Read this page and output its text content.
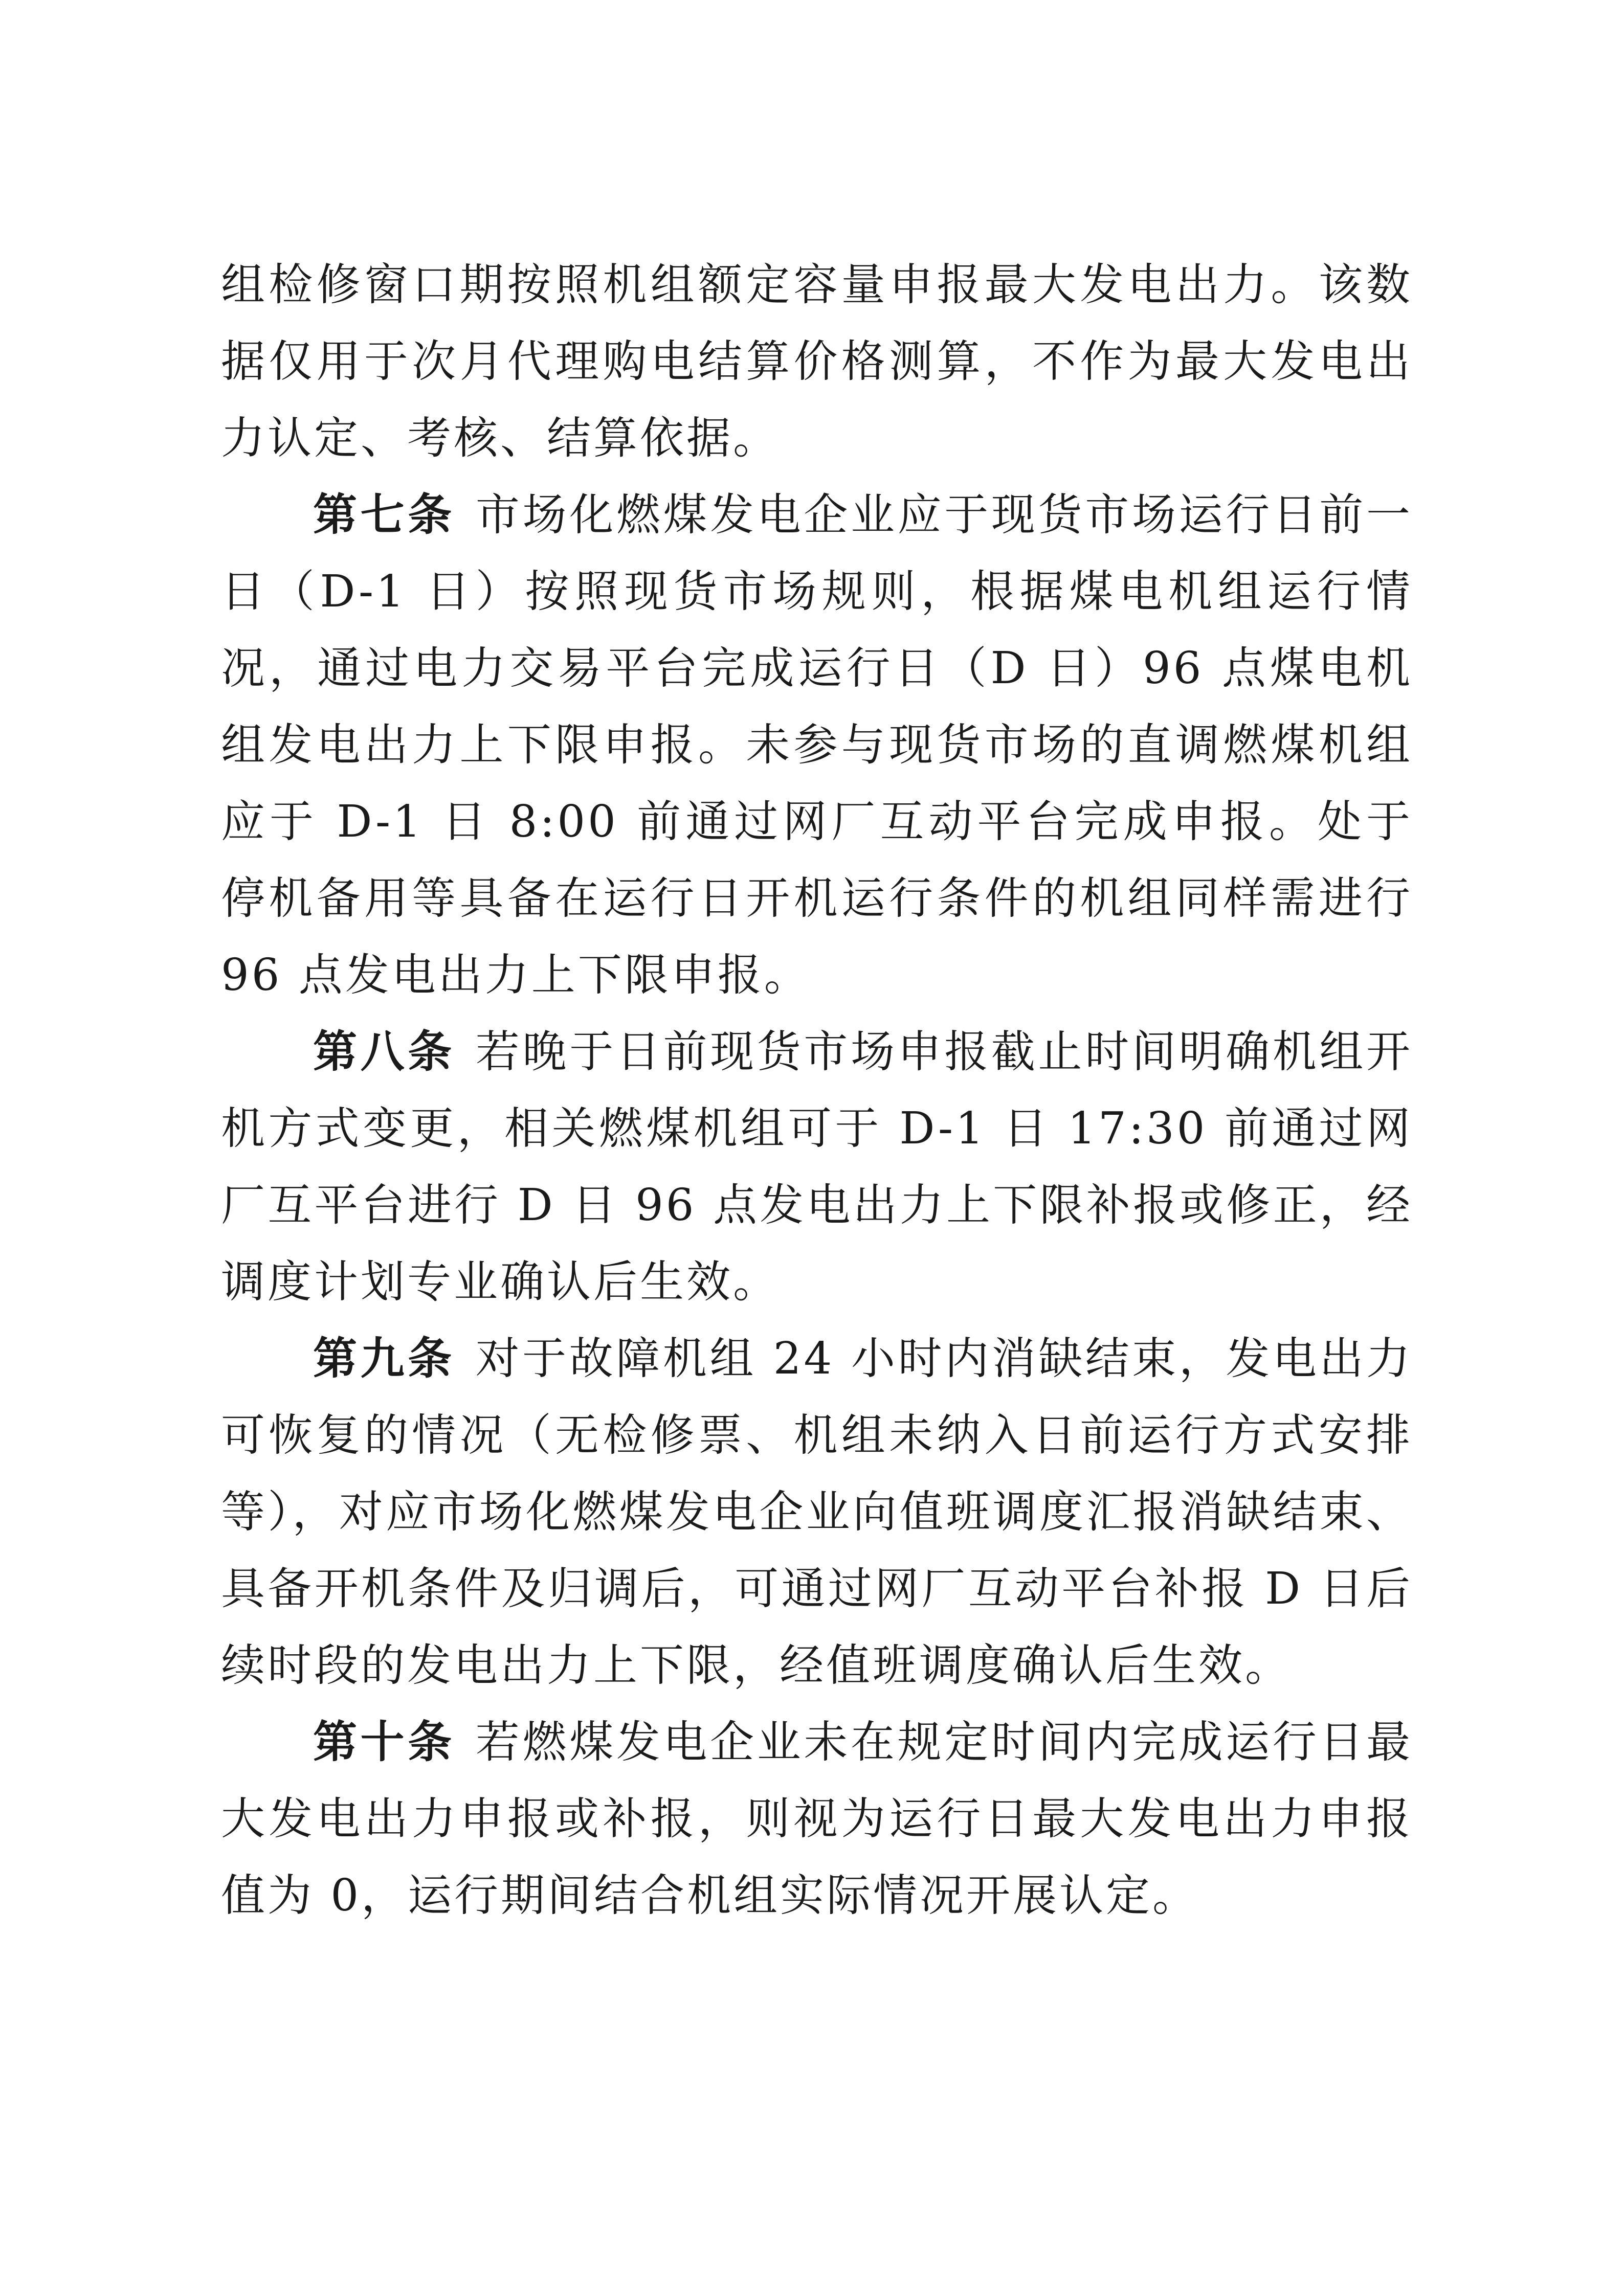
组检修窗口期按照机组额定容量申报最大发电出力。该数据仅用于次月代理购电结算价格测算，不作为最大发电出力认定、考核、结算依据。

第七条 市场化燃煤发电企业应于现货市场运行日前一日（D-1 日）按照现货市场规则，根据煤电机组运行情况，通过电力交易平台完成运行日（D 日）96 点煤电机组发电出力上下限申报。未参与现货市场的直调燃煤机组应于 D-1 日 8:00 前通过网厂互动平台完成申报。处于停机备用等具备在运行日开机运行条件的机组同样需进行 96 点发电出力上下限申报。

第八条 若晚于日前现货市场申报截止时间明确机组开机方式变更，相关燃煤机组可于 D-1 日 17:30 前通过网厂互平台进行 D 日 96 点发电出力上下限补报或修正，经调度计划专业确认后生效。

第九条 对于故障机组 24 小时内消缺结束，发电出力可恢复的情况（无检修票、机组未纳入日前运行方式安排等），对应市场化燃煤发电企业向值班调度汇报消缺结束、具备开机条件及归调后，可通过网厂互动平台补报 D 日后续时段的发电出力上下限，经值班调度确认后生效。

第十条 若燃煤发电企业未在规定时间内完成运行日最大发电出力申报或补报，则视为运行日最大发电出力申报值为 0，运行期间结合机组实际情况开展认定。
